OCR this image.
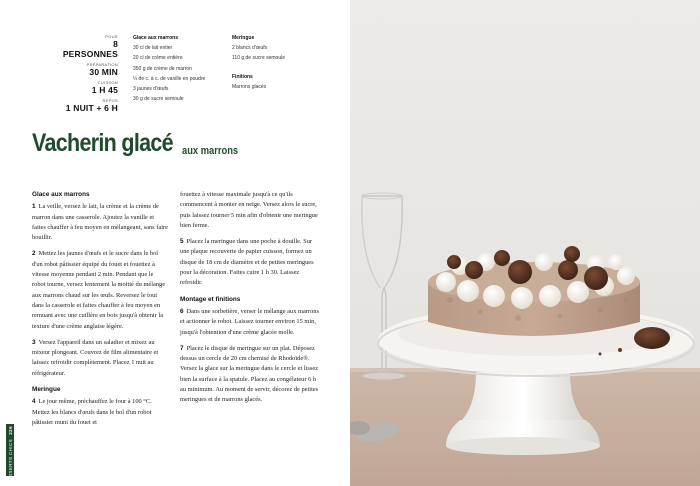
POUR
8 PERSONNES
PRÉPARATION
30 MIN
CUISSON
1 H 45
REPOS
1 NUIT + 6 H
Glace aux marrons
30 cl de lait entier
20 cl de crème entière
350 g de crème de marron
¼ de c. à c. de vanille en poudre
3 jaunes d'œufs
30 g de sucre semoule
Meringue
2 blancs d'œufs
110 g de sucre semoule
Finitions
Marrons glacés
Vacherin glacé aux marrons
Glace aux marrons

1 La veille, versez le lait, la crème et la crème de marron dans une casserole. Ajoutez la vanille et faites chauffer à feu moyen en mélangeant, sans faire bouillir.

2 Mettez les jaunes d'œufs et le sucre dans le bol d'un robot pâtissier équipé du fouet et fouettez à vitesse moyenne pendant 2 min. Pendant que le robot tourne, versez lentement la moitié du mélange aux marrons chaud sur les œufs. Reversez le tout dans la casserole et faites chauffer à feu moyen en remuant avec une cuillère en bois jusqu'à obtenir la texture d'une crème anglaise légère.

3 Versez l'appareil dans un saladier et mixez au mixeur plongeant. Couvrez de film alimentaire et laissez refroidir complètement. Placez 1 nuit au réfrigérateur.

Meringue

4 Le jour même, préchauffez le four à 100 °C. Mettez les blancs d'œufs dans le bol d'un robot pâtissier muni du fouet et

fouettez à vitesse maximale jusqu'à ce qu'ils commencent à monter en neige. Versez alors le sucre, puis laissez tourner 5 min afin d'obtenir une meringue bien ferme.

5 Placez la meringue dans une poche à douille. Sur une plaque recouverte de papier cuisson, formez un disque de 18 cm de diamètre et de petites meringues pour la décoration. Faites cuire 1 h 30. Laissez refroidir.

Montage et finitions

6 Dans une sorbetière, verser le mélange aux marrons et actionner le robot. Laissez tourner environ 15 min, jusqu'à l'obtention d'une crème glacée molle.

7 Placez le disque de meringue sur un plat. Déposez dessus un cercle de 20 cm chemisé de Rhodoïde®. Versez la glace sur la meringue dans le cercle et lissez bien la surface à la spatule. Placez au congélateur 6 h au minimum. Au moment de servir, décorez de petites meringues et de marrons glacés.

226
DESSERTS CHICS
